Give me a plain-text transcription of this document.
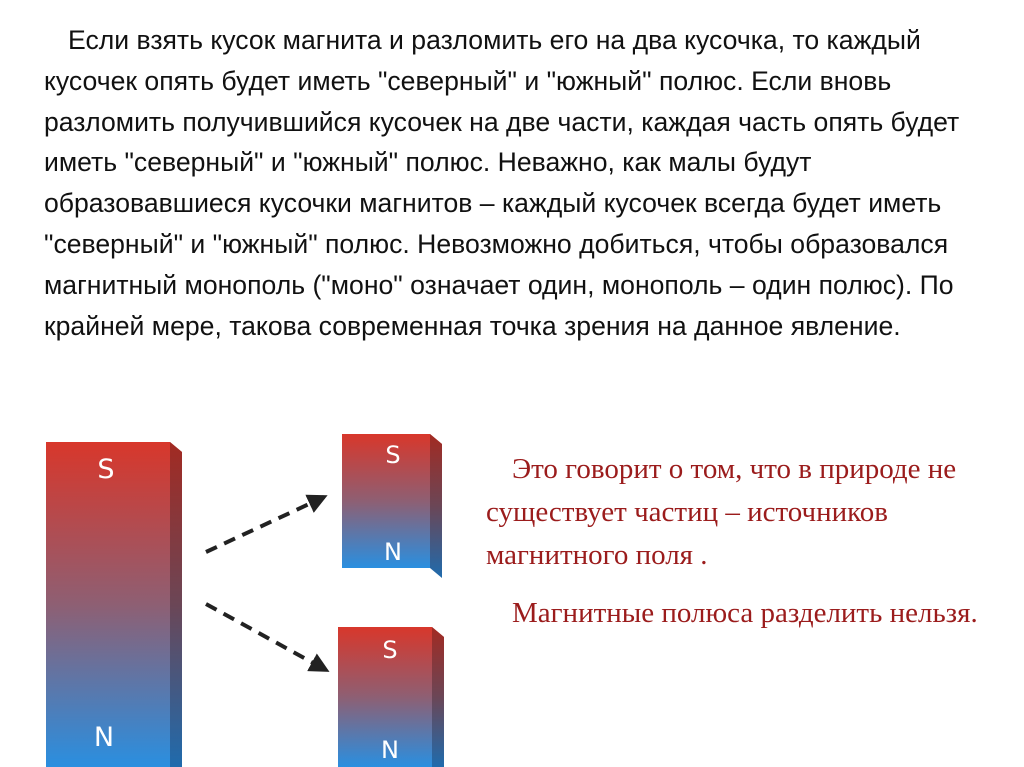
Если взять кусок магнита и разломить его на два кусочка, то каждый кусочек опять будет иметь "северный" и "южный" полюс. Если вновь разломить получившийся кусочек на две части, каждая часть опять будет иметь "северный" и "южный" полюс. Неважно, как малы будут образовавшиеся кусочки магнитов – каждый кусочек всегда будет иметь "северный" и "южный" полюс. Невозможно добиться, чтобы образовался магнитный монополь ("моно" означает один, монополь – один полюс). По крайней мере, такова современная точка зрения на данное явление.

S
N
S
N
S
N

Это говорит о том, что в природе не существует частиц – источников магнитного поля .

Магнитные полюса разделить нельзя.
